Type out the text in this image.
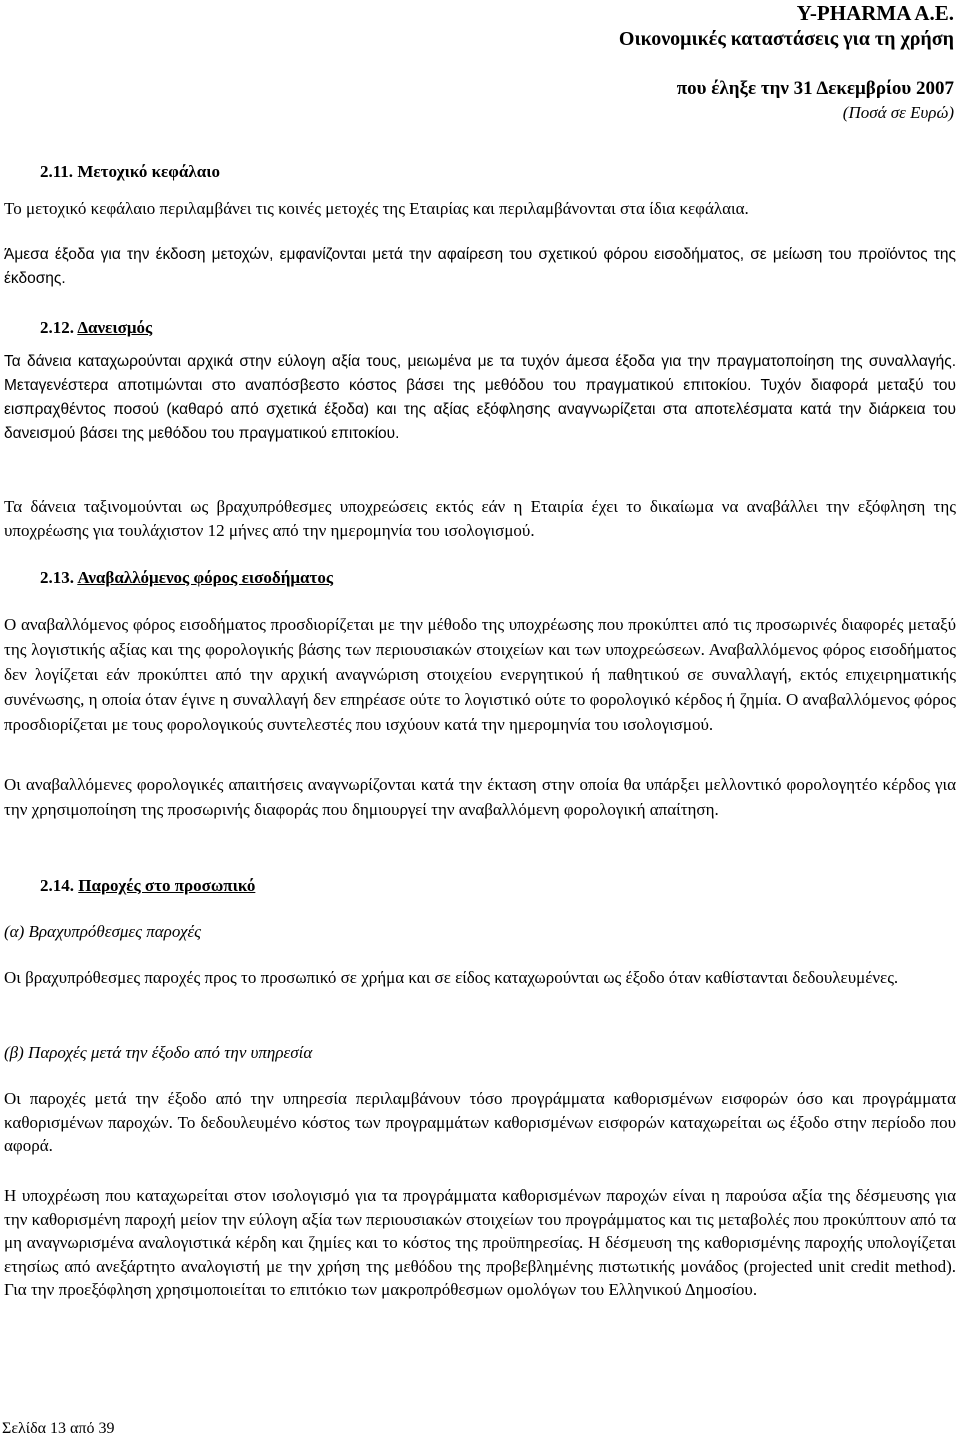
Y-PHARMA A.E.
Οικονομικές καταστάσεις για τη χρήση
που έληξε την 31 Δεκεμβρίου 2007
(Ποσά σε Ευρώ)
2.11. Μετοχικό κεφάλαιο

Το μετοχικό κεφάλαιο περιλαμβάνει τις κοινές μετοχές της Εταιρίας και περιλαμβάνονται στα ίδια κεφάλαια.

Άμεσα έξοδα για την έκδοση μετοχών, εμφανίζονται μετά την αφαίρεση του σχετικού φόρου εισοδήματος, σε μείωση του προϊόντος της έκδοσης.

2.12. Δανεισμός

Τα δάνεια καταχωρούνται αρχικά στην εύλογη αξία τους, μειωμένα με τα τυχόν άμεσα έξοδα για την πραγματοποίηση της συναλλαγής. Μεταγενέστερα αποτιμώνται στο αναπόσβεστο κόστος βάσει της μεθόδου του πραγματικού επιτοκίου. Τυχόν διαφορά μεταξύ του εισπραχθέντος ποσού (καθαρό από σχετικά έξοδα) και της αξίας εξόφλησης αναγνωρίζεται στα αποτελέσματα κατά την διάρκεια του δανεισμού βάσει της μεθόδου του πραγματικού επιτοκίου.

Τα δάνεια ταξινομούνται ως βραχυπρόθεσμες υποχρεώσεις εκτός εάν η Εταιρία έχει το δικαίωμα να αναβάλλει την εξόφληση της υποχρέωσης για τουλάχιστον 12 μήνες από την ημερομηνία του ισολογισμού.

2.13. Αναβαλλόμενος φόρος εισοδήματος

Ο αναβαλλόμενος φόρος εισοδήματος προσδιορίζεται με την μέθοδο της υποχρέωσης που προκύπτει από τις προσωρινές διαφορές μεταξύ της λογιστικής αξίας και της φορολογικής βάσης των περιουσιακών στοιχείων και των υποχρεώσεων. Αναβαλλόμενος φόρος εισοδήματος δεν λογίζεται εάν προκύπτει από την αρχική αναγνώριση στοιχείου ενεργητικού ή παθητικού σε συναλλαγή, εκτός επιχειρηματικής συνένωσης, η οποία όταν έγινε η συναλλαγή δεν επηρέασε ούτε το λογιστικό ούτε το φορολογικό κέρδος ή ζημία. Ο αναβαλλόμενος φόρος προσδιορίζεται με τους φορολογικούς συντελεστές που ισχύουν κατά την ημερομηνία του ισολογισμού.

Οι αναβαλλόμενες φορολογικές απαιτήσεις αναγνωρίζονται κατά την έκταση στην οποία θα υπάρξει μελλοντικό φορολογητέο κέρδος για την χρησιμοποίηση της προσωρινής διαφοράς που δημιουργεί την αναβαλλόμενη φορολογική απαίτηση.

2.14. Παροχές στο προσωπικό
(α) Βραχυπρόθεσμες παροχές

Οι βραχυπρόθεσμες παροχές προς το προσωπικό σε χρήμα και σε είδος καταχωρούνται ως έξοδο όταν καθίστανται δεδουλευμένες.

(β) Παροχές μετά την έξοδο από την υπηρεσία

Οι παροχές μετά την έξοδο από την υπηρεσία περιλαμβάνουν τόσο προγράμματα καθορισμένων εισφορών όσο και προγράμματα καθορισμένων παροχών. Το δεδουλευμένο κόστος των προγραμμάτων καθορισμένων εισφορών καταχωρείται ως έξοδο στην περίοδο που αφορά.

Η υποχρέωση που καταχωρείται στον ισολογισμό για τα προγράμματα καθορισμένων παροχών είναι η παρούσα αξία της δέσμευσης για την καθορισμένη παροχή μείον την εύλογη αξία των περιουσιακών στοιχείων του προγράμματος και τις μεταβολές που προκύπτουν από τα μη αναγνωρισμένα αναλογιστικά κέρδη και ζημίες και το κόστος της προϋπηρεσίας. Η δέσμευση της καθορισμένης παροχής υπολογίζεται ετησίως από ανεξάρτητο αναλογιστή με την χρήση της μεθόδου της προβεβλημένης πιστωτικής μονάδος (projected unit credit method). Για την προεξόφληση χρησιμοποιείται το επιτόκιο των μακροπρόθεσμων ομολόγων του Ελληνικού Δημοσίου.

Σελίδα 13 από 39
